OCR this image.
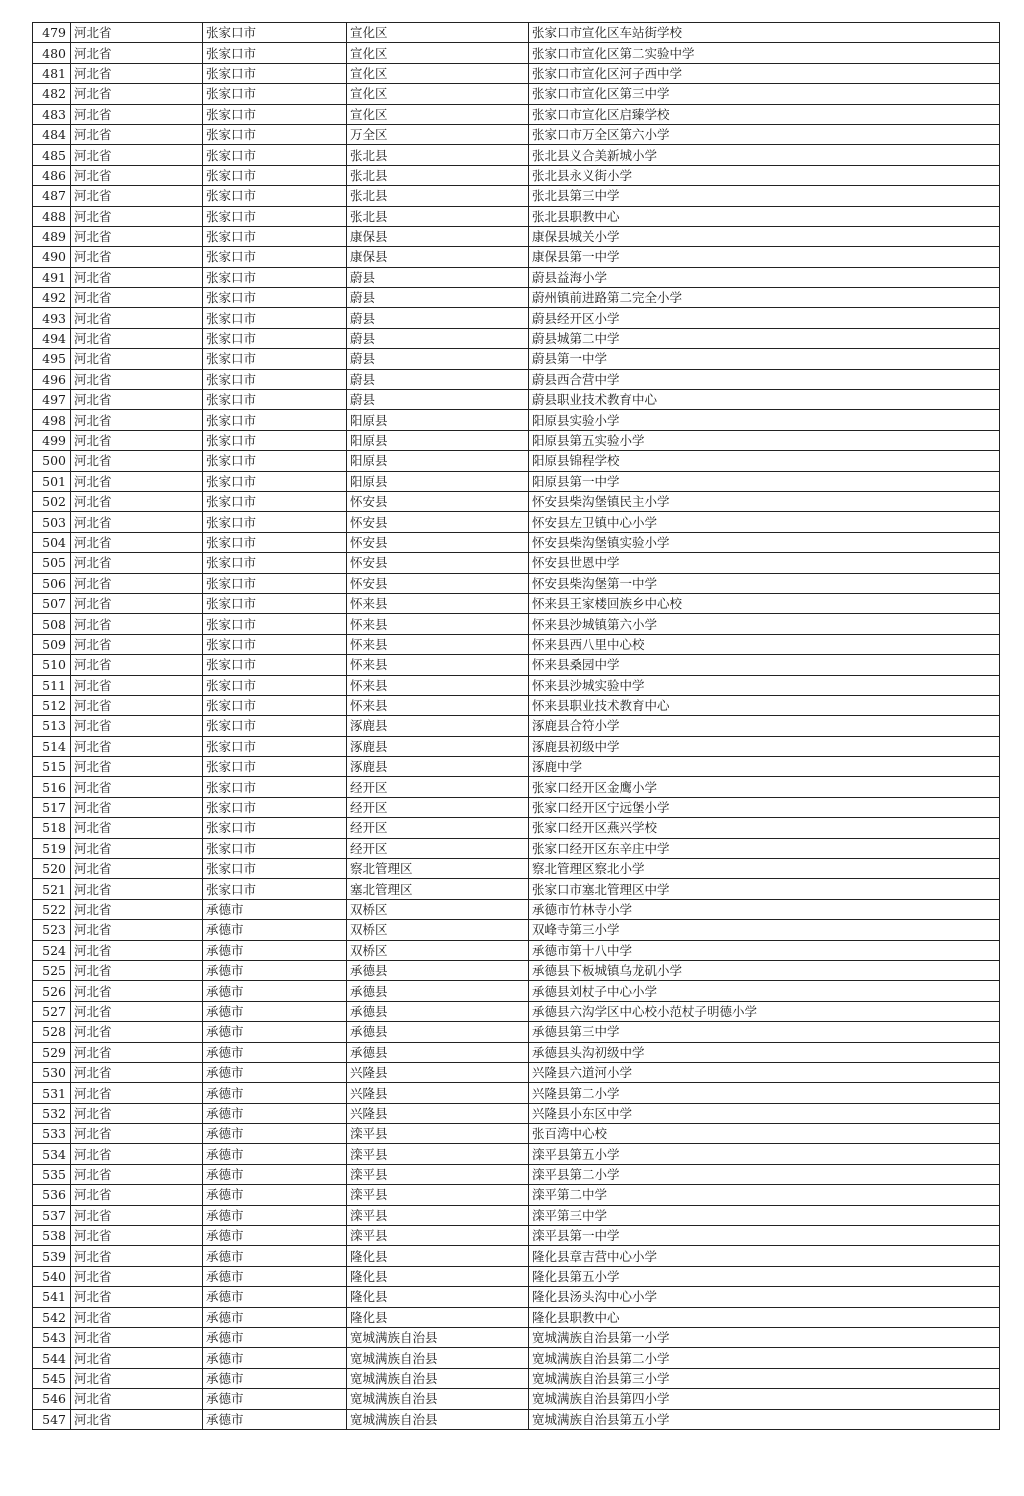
479	河北省	张家口市	宣化区	张家口市宣化区车站街学校
480	河北省	张家口市	宣化区	张家口市宣化区第二实验中学
481	河北省	张家口市	宣化区	张家口市宣化区河子西中学
482	河北省	张家口市	宣化区	张家口市宣化区第三中学
483	河北省	张家口市	宣化区	张家口市宣化区启臻学校
484	河北省	张家口市	万全区	张家口市万全区第六小学
485	河北省	张家口市	张北县	张北县义合美新城小学
486	河北省	张家口市	张北县	张北县永义街小学
487	河北省	张家口市	张北县	张北县第三中学
488	河北省	张家口市	张北县	张北县职教中心
489	河北省	张家口市	康保县	康保县城关小学
490	河北省	张家口市	康保县	康保县第一中学
491	河北省	张家口市	蔚县	蔚县益海小学
492	河北省	张家口市	蔚县	蔚州镇前进路第二完全小学
493	河北省	张家口市	蔚县	蔚县经开区小学
494	河北省	张家口市	蔚县	蔚县城第二中学
495	河北省	张家口市	蔚县	蔚县第一中学
496	河北省	张家口市	蔚县	蔚县西合营中学
497	河北省	张家口市	蔚县	蔚县职业技术教育中心
498	河北省	张家口市	阳原县	阳原县实验小学
499	河北省	张家口市	阳原县	阳原县第五实验小学
500	河北省	张家口市	阳原县	阳原县锦程学校
501	河北省	张家口市	阳原县	阳原县第一中学
502	河北省	张家口市	怀安县	怀安县柴沟堡镇民主小学
503	河北省	张家口市	怀安县	怀安县左卫镇中心小学
504	河北省	张家口市	怀安县	怀安县柴沟堡镇实验小学
505	河北省	张家口市	怀安县	怀安县世恩中学
506	河北省	张家口市	怀安县	怀安县柴沟堡第一中学
507	河北省	张家口市	怀来县	怀来县王家楼回族乡中心校
508	河北省	张家口市	怀来县	怀来县沙城镇第六小学
509	河北省	张家口市	怀来县	怀来县西八里中心校
510	河北省	张家口市	怀来县	怀来县桑园中学
511	河北省	张家口市	怀来县	怀来县沙城实验中学
512	河北省	张家口市	怀来县	怀来县职业技术教育中心
513	河北省	张家口市	涿鹿县	涿鹿县合符小学
514	河北省	张家口市	涿鹿县	涿鹿县初级中学
515	河北省	张家口市	涿鹿县	涿鹿中学
516	河北省	张家口市	经开区	张家口经开区金鹰小学
517	河北省	张家口市	经开区	张家口经开区宁远堡小学
518	河北省	张家口市	经开区	张家口经开区燕兴学校
519	河北省	张家口市	经开区	张家口经开区东辛庄中学
520	河北省	张家口市	察北管理区	察北管理区察北小学
521	河北省	张家口市	塞北管理区	张家口市塞北管理区中学
522	河北省	承德市	双桥区	承德市竹林寺小学
523	河北省	承德市	双桥区	双峰寺第三小学
524	河北省	承德市	双桥区	承德市第十八中学
525	河北省	承德市	承德县	承德县下板城镇乌龙矶小学
526	河北省	承德市	承德县	承德县刘杖子中心小学
527	河北省	承德市	承德县	承德县六沟学区中心校小范杖子明德小学
528	河北省	承德市	承德县	承德县第三中学
529	河北省	承德市	承德县	承德县头沟初级中学
530	河北省	承德市	兴隆县	兴隆县六道河小学
531	河北省	承德市	兴隆县	兴隆县第二小学
532	河北省	承德市	兴隆县	兴隆县小东区中学
533	河北省	承德市	滦平县	张百湾中心校
534	河北省	承德市	滦平县	滦平县第五小学
535	河北省	承德市	滦平县	滦平县第二小学
536	河北省	承德市	滦平县	滦平第二中学
537	河北省	承德市	滦平县	滦平第三中学
538	河北省	承德市	滦平县	滦平县第一中学
539	河北省	承德市	隆化县	隆化县章吉营中心小学
540	河北省	承德市	隆化县	隆化县第五小学
541	河北省	承德市	隆化县	隆化县汤头沟中心小学
542	河北省	承德市	隆化县	隆化县职教中心
543	河北省	承德市	宽城满族自治县	宽城满族自治县第一小学
544	河北省	承德市	宽城满族自治县	宽城满族自治县第二小学
545	河北省	承德市	宽城满族自治县	宽城满族自治县第三小学
546	河北省	承德市	宽城满族自治县	宽城满族自治县第四小学
547	河北省	承德市	宽城满族自治县	宽城满族自治县第五小学
